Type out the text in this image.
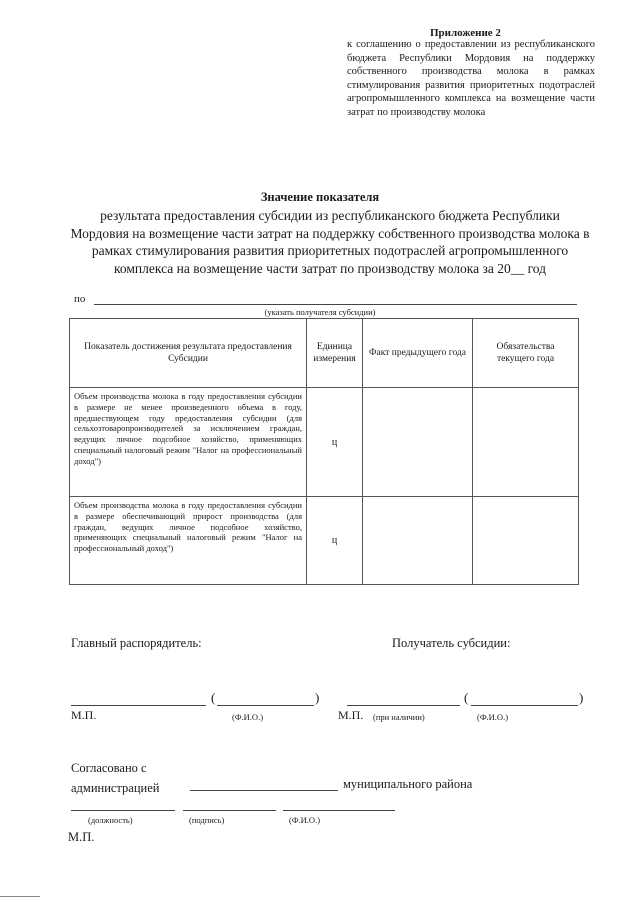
Приложение 2
к соглашению о предоставлении из республиканского бюджета Республики Мордовия на поддержку собственного производства молока в рамках стимулирования развития приоритетных подотраслей агропромышленного комплекса на возмещение части затрат по производству молока
Значение показателя
результата предоставления субсидии из республиканского бюджета Республики Мордовия на возмещение части затрат на поддержку собственного производства молока в рамках стимулирования развития приоритетных подотраслей агропромышленного комплекса на возмещение части затрат по производству молока за 20__ год
по
(указать получателя субсидии)
Показатель достижения результата предоставления Субсидии	Единица измерения	Факт предыдущего года	Обязательства текущего года
Объем производства молока в году предоставления субсидии в размере не менее произведенного объема в году, предшествующем году предоставления субсидии (для сельхозтоваропроизводителей за исключением граждан, ведущих личное подсобное хозяйство, применяющих специальный налоговый режим "Налог на профессиональный доход")	ц		
Объем производства молока в году предоставления субсидии в размере обеспечивающий прирост производства (для граждан, ведущих личное подсобное хозяйство, применяющих специальный налоговый режим "Налог на профессиональный доход")	ц		
Главный распорядитель:	Получатель субсидии:
(	)
М.П.	(Ф.И.О.)
(	)
М.П. (при наличии)	(Ф.И.О.)
Согласовано с
администрацией	муниципального района
(должность)	(подпись)	(Ф.И.О.)
М.П.
